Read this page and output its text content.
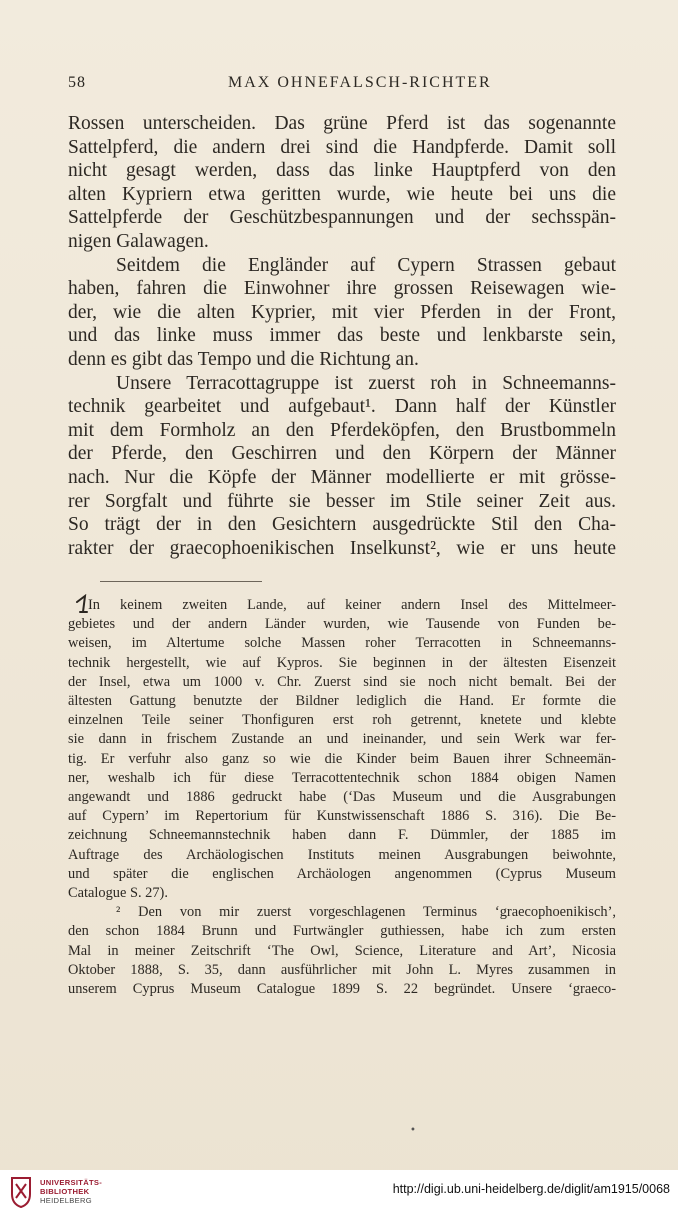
58	MAX OHNEFALSCH-RICHTER

Rossen unterscheiden. Das grüne Pferd ist das sogenannte

Sattelpferd, die andern drei sind die Handpferde. Damit soll

nicht gesagt werden, dass das linke Hauptpferd von den

alten Kypriern etwa geritten wurde, wie heute bei uns die

Sattelpferde der Geschützbespannungen und der sechsspän-

nigen Galawagen.

Seitdem die Engländer auf Cypern Strassen gebaut

haben, fahren die Einwohner ihre grossen Reisewagen wie-

der, wie die alten Kyprier, mit vier Pferden in der Front,

und das linke muss immer das beste und lenkbarste sein,

denn es gibt das Tempo und die Richtung an.

Unsere Terracottagruppe ist zuerst roh in Schneemanns-

technik gearbeitet und aufgebaut¹. Dann half der Künstler

mit dem Formholz an den Pferdeköpfen, den Brustbommeln

der Pferde, den Geschirren und den Körpern der Männer

nach. Nur die Köpfe der Männer modellierte er mit grösse-

rer Sorgfalt und führte sie besser im Stile seiner Zeit aus.

So trägt der in den Gesichtern ausgedrückte Stil den Cha-

rakter der graecophoenikischen Inselkunst², wie er uns heute

In keinem zweiten Lande, auf keiner andern Insel des Mittelmeer-

gebietes und der andern Länder wurden, wie Tausende von Funden be-

weisen, im Altertume solche Massen roher Terracotten in Schneemanns-

technik hergestellt, wie auf Kypros. Sie beginnen in der ältesten Eisenzeit

der Insel, etwa um 1000 v. Chr. Zuerst sind sie noch nicht bemalt. Bei der

ältesten Gattung benutzte der Bildner lediglich die Hand. Er formte die

einzelnen Teile seiner Thonfiguren erst roh getrennt, knetete und klebte

sie dann in frischem Zustande an und ineinander, und sein Werk war fer-

tig. Er verfuhr also ganz so wie die Kinder beim Bauen ihrer Schneemän-

ner, weshalb ich für diese Terracottentechnik schon 1884 obigen Namen

angewandt und 1886 gedruckt habe (‘Das Museum und die Ausgrabungen

auf Cypern’ im Repertorium für Kunstwissenschaft 1886 S. 316). Die Be-

zeichnung Schneemannstechnik haben dann F. Dümmler, der 1885 im

Auftrage des Archäologischen Instituts meinen Ausgrabungen beiwohnte,

und später die englischen Archäologen angenommen (Cyprus Museum

Catalogue S. 27).

² Den von mir zuerst vorgeschlagenen Terminus ‘graecophoenikisch’,

den schon 1884 Brunn und Furtwängler guthiessen, habe ich zum ersten

Mal in meiner Zeitschrift ‘The Owl, Science, Literature and Art’, Nicosia

Oktober 1888, S. 35, dann ausführlicher mit John L. Myres zusammen in

unserem Cyprus Museum Catalogue 1899 S. 22 begründet. Unsere ‘graeco-

•
UNIVERSITÄTS-
BIBLIOTHEK
HEIDELBERG
http://digi.ub.uni-heidelberg.de/diglit/am1915/0068
